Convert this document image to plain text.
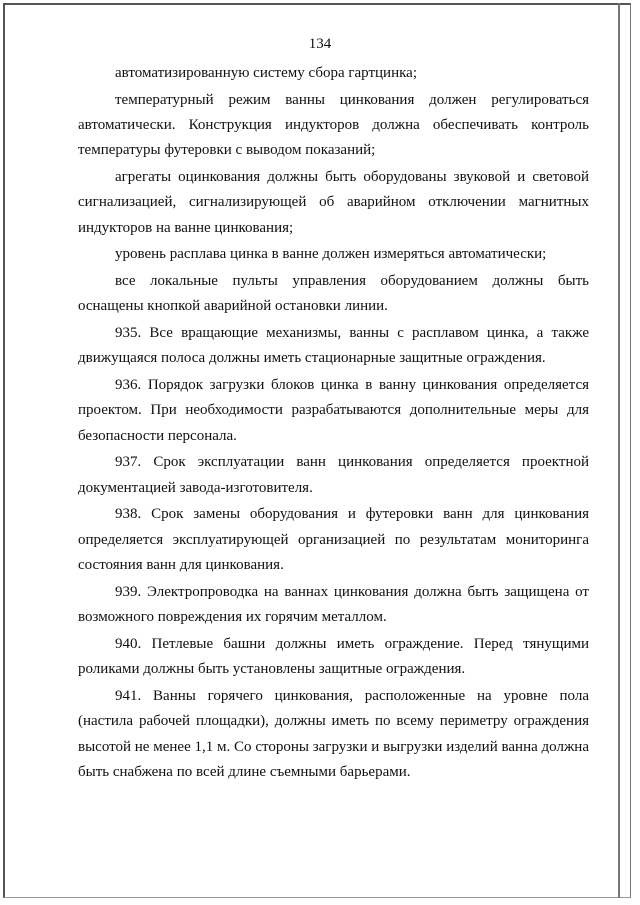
134

автоматизированную систему сбора гартцинка;

температурный режим ванны цинкования должен регулироваться автоматически. Конструкция индукторов должна обеспечивать контроль температуры футеровки с выводом показаний;

агрегаты оцинкования должны быть оборудованы звуковой и световой сигнализацией, сигнализирующей об аварийном отключении магнитных индукторов на ванне цинкования;

уровень расплава цинка в ванне должен измеряться автоматически;

все локальные пульты управления оборудованием должны быть оснащены кнопкой аварийной остановки линии.

935. Все вращающие механизмы, ванны с расплавом цинка, а также движущаяся полоса должны иметь стационарные защитные ограждения.

936. Порядок загрузки блоков цинка в ванну цинкования определяется проектом. При необходимости разрабатываются дополнительные меры для безопасности персонала.

937. Срок эксплуатации ванн цинкования определяется проектной документацией завода-изготовителя.

938. Срок замены оборудования и футеровки ванн для цинкования определяется эксплуатирующей организацией по результатам мониторинга состояния ванн для цинкования.

939. Электропроводка на ваннах цинкования должна быть защищена от возможного повреждения их горячим металлом.

940. Петлевые башни должны иметь ограждение. Перед тянущими роликами должны быть установлены защитные ограждения.

941. Ванны горячего цинкования, расположенные на уровне пола (настила рабочей площадки), должны иметь по всему периметру ограждения высотой не менее 1,1 м. Со стороны загрузки и выгрузки изделий ванна должна быть снабжена по всей длине съемными барьерами.
